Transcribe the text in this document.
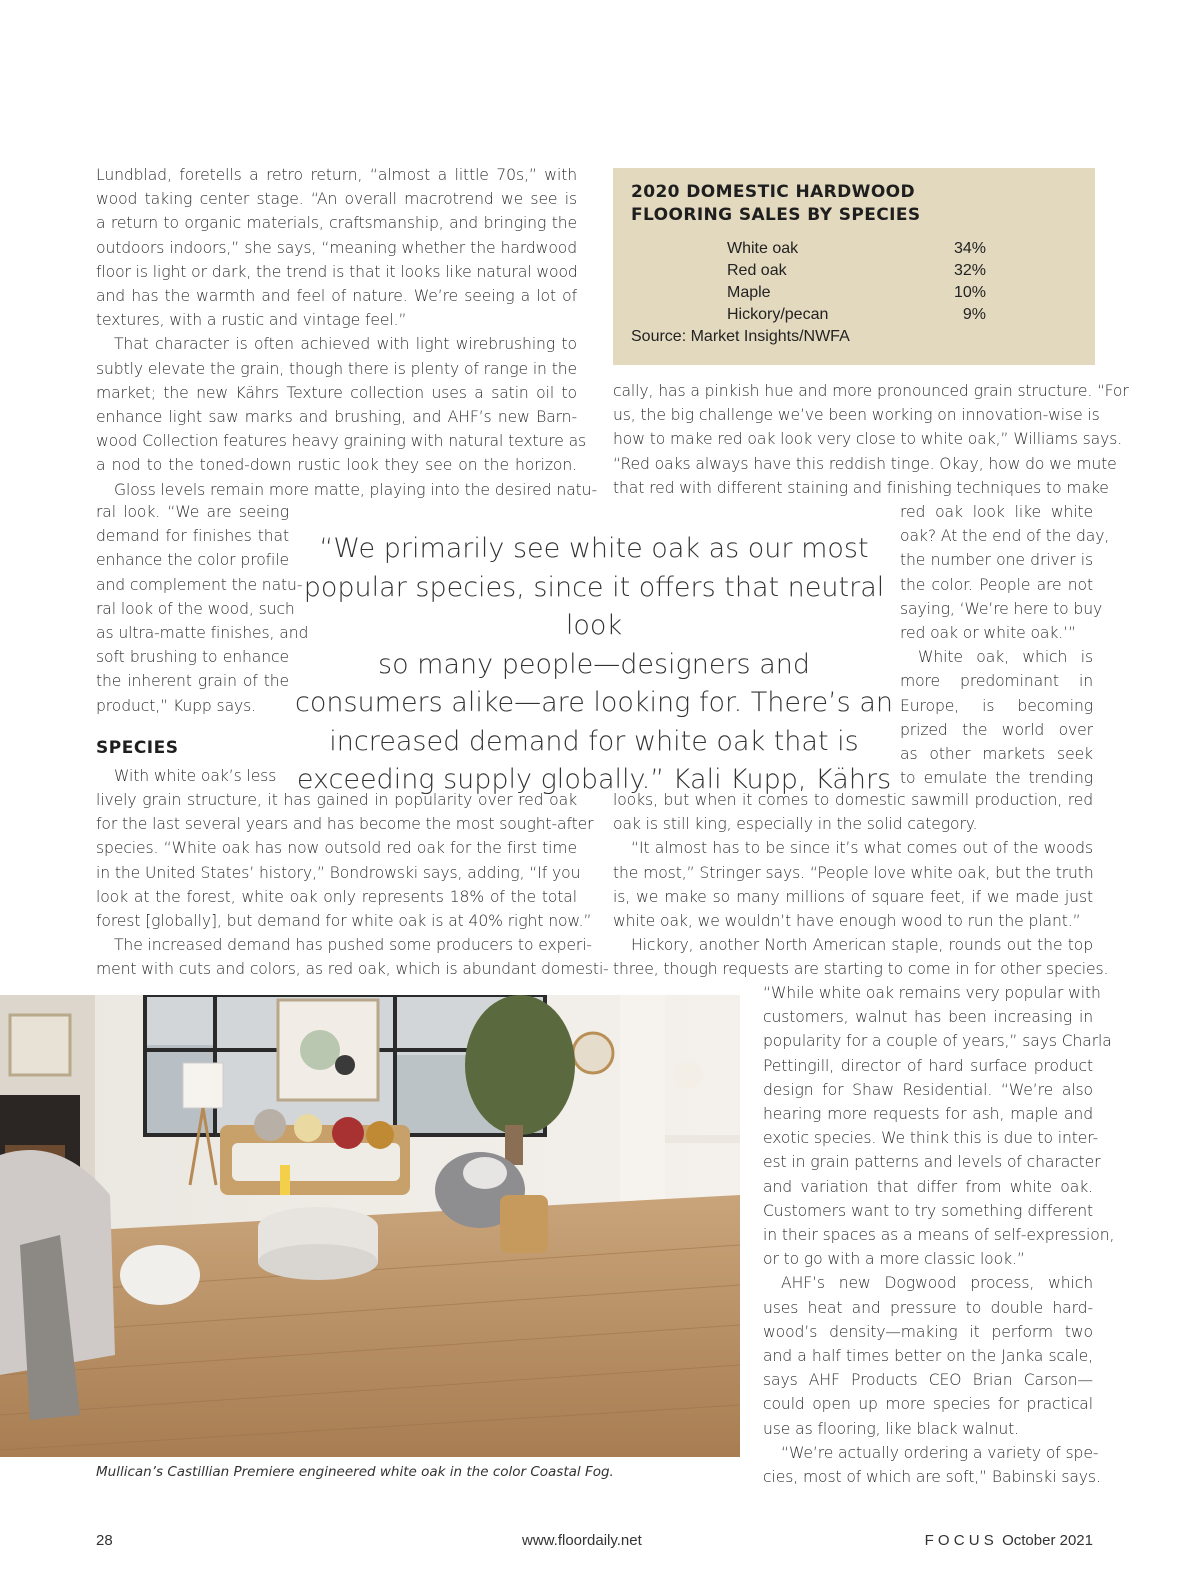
Lundblad, foretells a retro return, “almost a little 70s,” with
wood taking center stage. “An overall macrotrend we see is
a return to organic materials, craftsmanship, and bringing the
outdoors indoors,” she says, “meaning whether the hardwood
floor is light or dark, the trend is that it looks like natural wood
and has the warmth and feel of nature. We’re seeing a lot of
textures, with a rustic and vintage feel.”
That character is often achieved with light wirebrushing to
subtly elevate the grain, though there is plenty of range in the
market; the new Kährs Texture collection uses a satin oil to
enhance light saw marks and brushing, and AHF’s new Barn-
wood Collection features heavy graining with natural texture as
a nod to the toned-down rustic look they see on the horizon.
Gloss levels remain more matte, playing into the desired natu-
ral look. “We are seeing
demand for finishes that
enhance the color profile
and complement the natu-
ral look of the wood, such
as ultra-matte finishes, and
soft brushing to enhance
the inherent grain of the
product,” Kupp says.
SPECIES
With white oak’s less
lively grain structure, it has gained in popularity over red oak
for the last several years and has become the most sought-after
species. “White oak has now outsold red oak for the first time
in the United States’ history,” Bondrowski says, adding, “If you
look at the forest, white oak only represents 18% of the total
forest [globally], but demand for white oak is at 40% right now.”
The increased demand has pushed some producers to experi-
ment with cuts and colors, as red oak, which is abundant domesti-
2020 DOMESTIC HARDWOOD
FLOORING SALES BY SPECIES
White oak	34%
Red oak	32%
Maple	10%
Hickory/pecan	9%
Source: Market Insights/NWFA
cally, has a pinkish hue and more pronounced grain structure. “For
us, the big challenge we’ve been working on innovation-wise is
how to make red oak look very close to white oak,” Williams says.
“Red oaks always have this reddish tinge. Okay, how do we mute
that red with different staining and finishing techniques to make
red oak look like white
oak? At the end of the day,
the number one driver is
the color. People are not
saying, ‘We’re here to buy
red oak or white oak.’”
White oak, which is
more predominant in
Europe, is becoming
prized the world over
as other markets seek
to emulate the trending
looks, but when it comes to domestic sawmill production, red
oak is still king, especially in the solid category.
“It almost has to be since it’s what comes out of the woods
the most,” Stringer says. “People love white oak, but the truth
is, we make so many millions of square feet, if we made just
white oak, we wouldn’t have enough wood to run the plant.”
Hickory, another North American staple, rounds out the top
three, though requests are starting to come in for other species.
“While white oak remains very popular with
customers, walnut has been increasing in
popularity for a couple of years,” says Charla
Pettingill, director of hard surface product
design for Shaw Residential. “We’re also
hearing more requests for ash, maple and
exotic species. We think this is due to inter-
est in grain patterns and levels of character
and variation that differ from white oak.
Customers want to try something different
in their spaces as a means of self-expression,
or to go with a more classic look.”
AHF’s new Dogwood process, which
uses heat and pressure to double hard-
wood’s density—making it perform two
and a half times better on the Janka scale,
says AHF Products CEO Brian Carson—
could open up more species for practical
use as flooring, like black walnut.
“We’re actually ordering a variety of spe-
cies, most of which are soft,” Babinski says.
“We primarily see white oak as our most
popular species, since it offers that neutral look
so many people—designers and
consumers alike—are looking for. There’s an
increased demand for white oak that is
exceeding supply globally.” Kali Kupp, Kährs
Mullican’s Castillian Premiere engineered white oak in the color Coastal Fog.
28	www.floordaily.net	F O C U S  October 2021
